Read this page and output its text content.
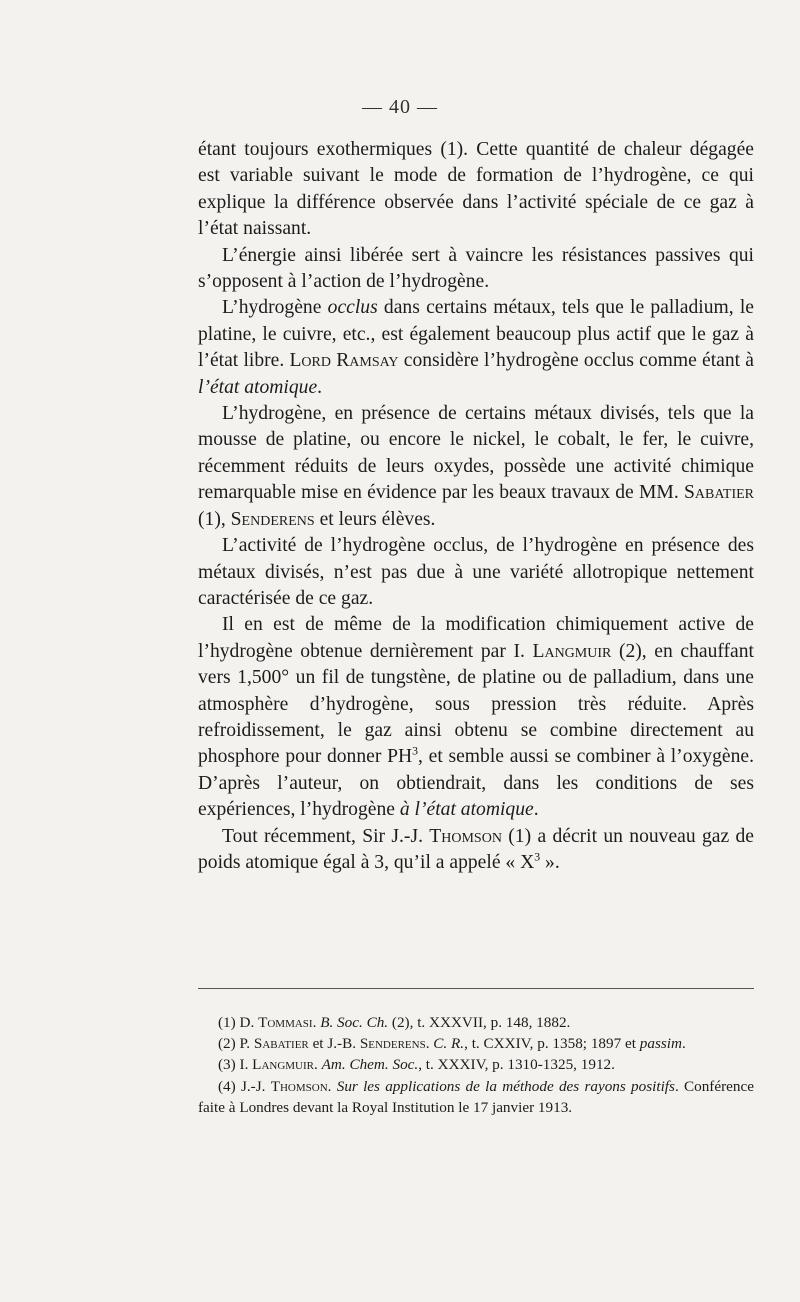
— 40 —

étant toujours exothermiques (1). Cette quantité de chaleur dégagée est variable suivant le mode de formation de l’hydrogène, ce qui explique la différence observée dans l’activité spéciale de ce gaz à l’état naissant.

L’énergie ainsi libérée sert à vaincre les résistances passives qui s’opposent à l’action de l’hydrogène.

L’hydrogène occlus dans certains métaux, tels que le palladium, le platine, le cuivre, etc., est également beaucoup plus actif que le gaz à l’état libre. Lord Ramsay considère l’hydrogène occlus comme étant à l’état atomique.

L’hydrogène, en présence de certains métaux divisés, tels que la mousse de platine, ou encore le nickel, le cobalt, le fer, le cuivre, récemment réduits de leurs oxydes, possède une activité chimique remarquable mise en évidence par les beaux travaux de MM. Sabatier (1), Senderens et leurs élèves.

L’activité de l’hydrogène occlus, de l’hydrogène en présence des métaux divisés, n’est pas due à une variété allotropique nettement caractérisée de ce gaz.

Il en est de même de la modification chimiquement active de l’hydrogène obtenue dernièrement par I. Langmuir (2), en chauffant vers 1,500° un fil de tungstène, de platine ou de palladium, dans une atmosphère d’hydrogène, sous pression très réduite. Après refroidissement, le gaz ainsi obtenu se combine directement au phosphore pour donner $PH^3$, et semble aussi se combiner à l’oxygène. D’après l’auteur, on obtiendrait, dans les conditions de ses expériences, l’hydrogène à l’état atomique.

Tout récemment, Sir J.-J. Thomson (1) a décrit un nouveau gaz de poids atomique égal à 3, qu’il a appelé « $X^3$ ».

(1) D. Tommasi. B. Soc. Ch. (2), t. XXXVII, p. 148, 1882.

(2) P. Sabatier et J.-B. Senderens. C. R., t. CXXIV, p. 1358; 1897 et passim.

(3) I. Langmuir. Am. Chem. Soc., t. XXXIV, p. 1310-1325, 1912.

(4) J.-J. Thomson. Sur les applications de la méthode des rayons positifs. Conférence faite à Londres devant la Royal Institution le 17 janvier 1913.
